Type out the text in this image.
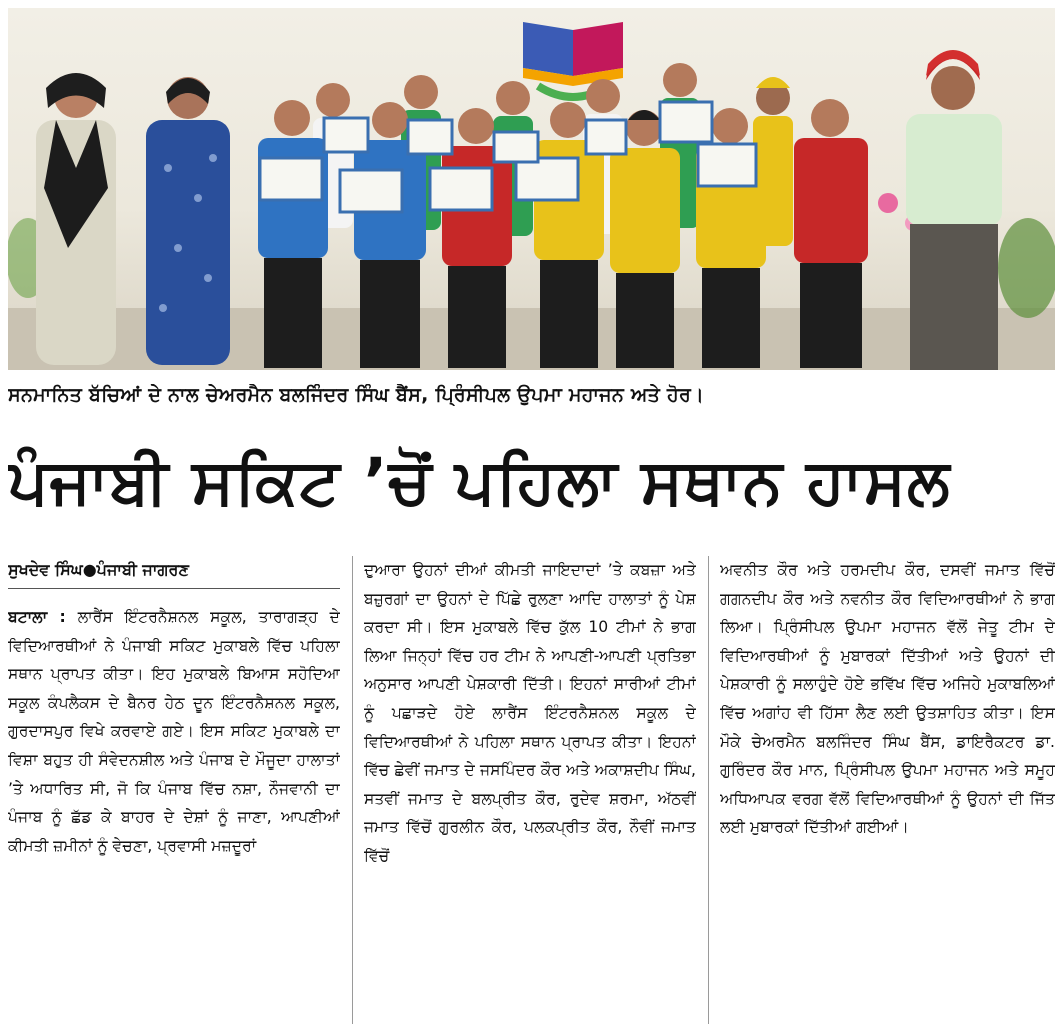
ਸਨਮਾਨਿਤ ਬੱਚਿਆਂ ਦੇ ਨਾਲ ਚੇਅਰਮੈਨ ਬਲਜਿੰਦਰ ਸਿੰਘ ਬੈਂਸ, ਪ੍ਰਿੰਸੀਪਲ ਉਪਮਾ ਮਹਾਜਨ ਅਤੇ ਹੋਰ।
ਪੰਜਾਬੀ ਸਕਿਟ ’ਚੋਂ ਪਹਿਲਾ ਸਥਾਨ ਹਾਸਲ
ਸੁਖਦੇਵ ਸਿੰਘ●ਪੰਜਾਬੀ ਜਾਗਰਣ

ਬਟਾਲਾ : ਲਾਰੈਂਸ ਇੰਟਰਨੈਸ਼ਨਲ ਸਕੂਲ, ਤਾਰਾਗੜ੍ਹ ਦੇ ਵਿਦਿਆਰਥੀਆਂ ਨੇ ਪੰਜਾਬੀ ਸਕਿਟ ਮੁਕਾਬਲੇ ਵਿੱਚ ਪਹਿਲਾ ਸਥਾਨ ਪ੍ਰਾਪਤ ਕੀਤਾ। ਇਹ ਮੁਕਾਬਲੇ ਬਿਆਸ ਸਹੋਦਿਆ ਸਕੂਲ ਕੰਪਲੈਕਸ ਦੇ ਬੈਨਰ ਹੇਠ ਦੂਨ ਇੰਟਰਨੈਸ਼ਨਲ ਸਕੂਲ, ਗੁਰਦਾਸਪੁਰ ਵਿਖੇ ਕਰਵਾਏ ਗਏ। ਇਸ ਸਕਿਟ ਮੁਕਾਬਲੇ ਦਾ ਵਿਸ਼ਾ ਬਹੁਤ ਹੀ ਸੰਵੇਦਨਸ਼ੀਲ ਅਤੇ ਪੰਜਾਬ ਦੇ ਮੌਜੂਦਾ ਹਾਲਾਤਾਂ ’ਤੇ ਅਧਾਰਿਤ ਸੀ, ਜੋ ਕਿ ਪੰਜਾਬ ਵਿੱਚ ਨਸ਼ਾ, ਨੌਜਵਾਨੀ ਦਾ ਪੰਜਾਬ ਨੂੰ ਛੱਡ ਕੇ ਬਾਹਰ ਦੇ ਦੇਸ਼ਾਂ ਨੂੰ ਜਾਣਾ, ਆਪਣੀਆਂ ਕੀਮਤੀ ਜ਼ਮੀਨਾਂ ਨੂੰ ਵੇਚਣਾ, ਪ੍ਰਵਾਸੀ ਮਜ਼ਦੂਰਾਂ

ਦੁਆਰਾ ਉਹਨਾਂ ਦੀਆਂ ਕੀਮਤੀ ਜਾਇਦਾਦਾਂ ’ਤੇ ਕਬਜ਼ਾ ਅਤੇ ਬਜ਼ੁਰਗਾਂ ਦਾ ਉਹਨਾਂ ਦੇ ਪਿੱਛੇ ਰੁਲਣਾ ਆਦਿ ਹਾਲਾਤਾਂ ਨੂੰ ਪੇਸ਼ ਕਰਦਾ ਸੀ। ਇਸ ਮੁਕਾਬਲੇ ਵਿੱਚ ਕੁੱਲ 10 ਟੀਮਾਂ ਨੇ ਭਾਗ ਲਿਆ ਜਿਨ੍ਹਾਂ ਵਿੱਚ ਹਰ ਟੀਮ ਨੇ ਆਪਣੀ-ਆਪਣੀ ਪ੍ਰਤਿਭਾ ਅਨੁਸਾਰ ਆਪਣੀ ਪੇਸ਼ਕਾਰੀ ਦਿੱਤੀ। ਇਹਨਾਂ ਸਾਰੀਆਂ ਟੀਮਾਂ ਨੂੰ ਪਛਾੜਦੇ ਹੋਏ ਲਾਰੈਂਸ ਇੰਟਰਨੈਸ਼ਨਲ ਸਕੂਲ ਦੇ ਵਿਦਿਆਰਥੀਆਂ ਨੇ ਪਹਿਲਾ ਸਥਾਨ ਪ੍ਰਾਪਤ ਕੀਤਾ। ਇਹਨਾਂ ਵਿੱਚ ਛੇਵੀਂ ਜਮਾਤ ਦੇ ਜਸਪਿੰਦਰ ਕੌਰ ਅਤੇ ਅਕਾਸ਼ਦੀਪ ਸਿੰਘ, ਸਤਵੀਂ ਜਮਾਤ ਦੇ ਬਲਪ੍ਰੀਤ ਕੌਰ, ਰੁਦੇਵ ਸ਼ਰਮਾ, ਅੱਠਵੀਂ ਜਮਾਤ ਵਿੱਚੋਂ ਗੁਰਲੀਨ ਕੌਰ, ਪਲਕਪ੍ਰੀਤ ਕੌਰ, ਨੌਵੀਂ ਜਮਾਤ ਵਿੱਚੋਂ

ਅਵਨੀਤ ਕੌਰ ਅਤੇ ਹਰਮਦੀਪ ਕੌਰ, ਦਸਵੀਂ ਜਮਾਤ ਵਿੱਚੋਂ ਗਗਨਦੀਪ ਕੌਰ ਅਤੇ ਨਵਨੀਤ ਕੌਰ ਵਿਦਿਆਰਥੀਆਂ ਨੇ ਭਾਗ ਲਿਆ। ਪ੍ਰਿੰਸੀਪਲ ਉਪਮਾ ਮਹਾਜਨ ਵੱਲੋਂ ਜੇਤੂ ਟੀਮ ਦੇ ਵਿਦਿਆਰਥੀਆਂ ਨੂੰ ਮੁਬਾਰਕਾਂ ਦਿੱਤੀਆਂ ਅਤੇ ਉਹਨਾਂ ਦੀ ਪੇਸ਼ਕਾਰੀ ਨੂੰ ਸਲਾਹੁੰਦੇ ਹੋਏ ਭਵਿੱਖ ਵਿੱਚ ਅਜਿਹੇ ਮੁਕਾਬਲਿਆਂ ਵਿੱਚ ਅਗਾਂਹ ਵੀ ਹਿੱਸਾ ਲੈਣ ਲਈ ਉਤਸ਼ਾਹਿਤ ਕੀਤਾ। ਇਸ ਮੌਕੇ ਚੇਅਰਮੈਨ ਬਲਜਿੰਦਰ ਸਿੰਘ ਬੈਂਸ, ਡਾਇਰੈਕਟਰ ਡਾ. ਗੁਰਿੰਦਰ ਕੌਰ ਮਾਨ, ਪ੍ਰਿੰਸੀਪਲ ਉਪਮਾ ਮਹਾਜਨ ਅਤੇ ਸਮੂਹ ਅਧਿਆਪਕ ਵਰਗ ਵੱਲੋਂ ਵਿਦਿਆਰਥੀਆਂ ਨੂੰ ਉਹਨਾਂ ਦੀ ਜਿੱਤ ਲਈ ਮੁਬਾਰਕਾਂ ਦਿੱਤੀਆਂ ਗਈਆਂ।
